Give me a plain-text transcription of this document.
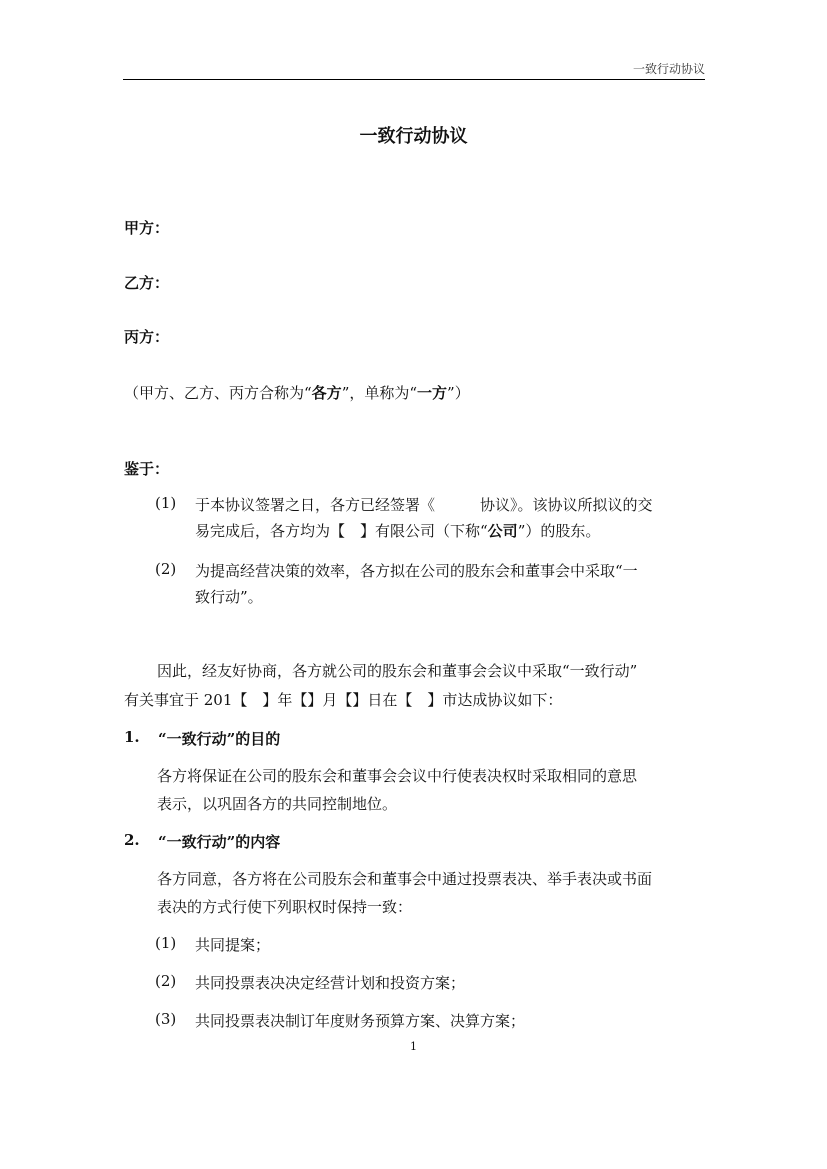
一致行动协议
一致行动协议
甲方：
乙方：
丙方：
（甲方、乙方、丙方合称为“各方”，单称为“一方”）
鉴于：
(1) 于本协议签署之日，各方已经签署《　　　协议》。该协议所拟议的交
易完成后，各方均为【　】有限公司（下称“公司”）的股东。
(2) 为提高经营决策的效率，各方拟在公司的股东会和董事会中采取“一
致行动”。
因此，经友好协商，各方就公司的股东会和董事会会议中采取“一致行动”
有关事宜于 201【　】年【】月【】日在【　】市达成协议如下：
1. “一致行动”的目的
各方将保证在公司的股东会和董事会会议中行使表决权时采取相同的意思
表示，以巩固各方的共同控制地位。
2. “一致行动”的内容
各方同意，各方将在公司股东会和董事会中通过投票表决、举手表决或书面
表决的方式行使下列职权时保持一致：
(1) 共同提案；
(2) 共同投票表决决定经营计划和投资方案；
(3) 共同投票表决制订年度财务预算方案、决算方案；
1
